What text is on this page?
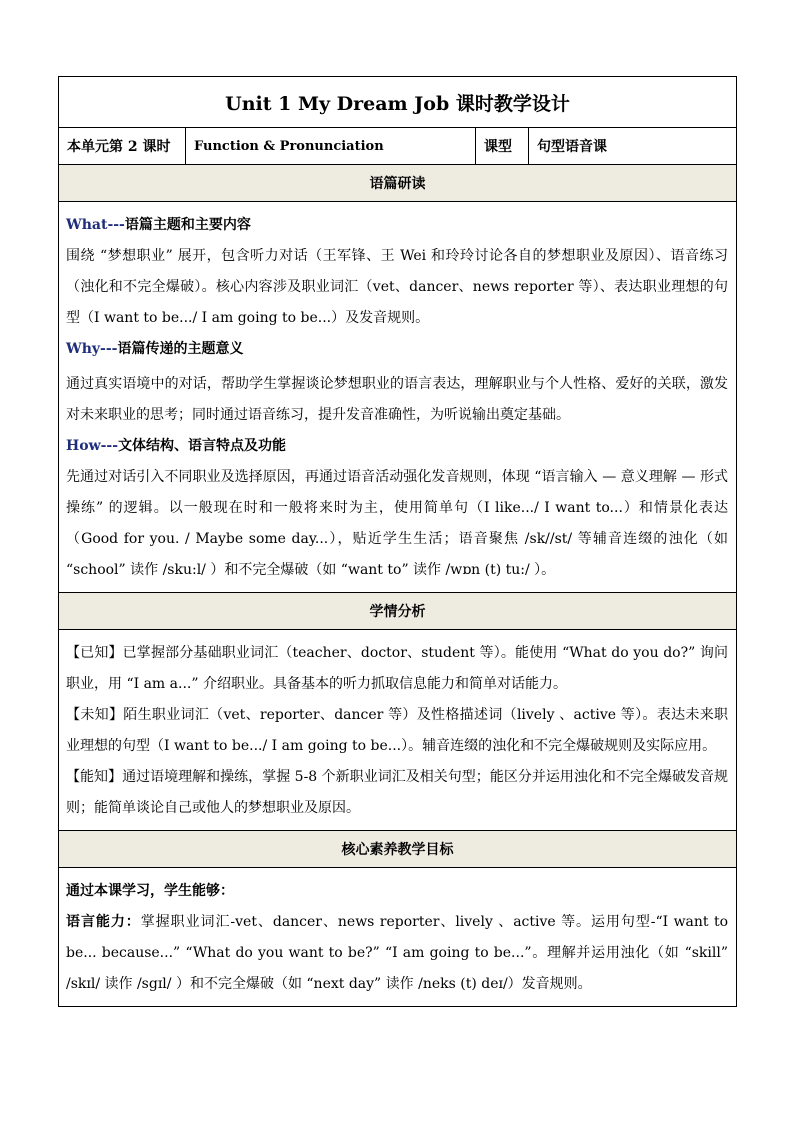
Unit 1 My Dream Job 课时教学设计
本单元第 2 课时	Function & Pronunciation	课型	句型语音课
语篇研读

What---语篇主题和主要内容

围绕 “梦想职业” 展开，包含听力对话（王军锋、王 Wei 和玲玲讨论各自的梦想职业及原因）、语音练习（浊化和不完全爆破）。核心内容涉及职业词汇（vet、dancer、news reporter 等）、表达职业理想的句型（I want to be.../ I am going to be...）及发音规则。

Why---语篇传递的主题意义

通过真实语境中的对话，帮助学生掌握谈论梦想职业的语言表达，理解职业与个人性格、爱好的关联，激发对未来职业的思考；同时通过语音练习，提升发音准确性，为听说输出奠定基础。

How---文体结构、语言特点及功能

先通过对话引入不同职业及选择原因，再通过语音活动强化发音规则，体现 “语言输入 — 意义理解 — 形式操练” 的逻辑。以一般现在时和一般将来时为主，使用简单句（I like.../ I want to...）和情景化表达（Good for you. / Maybe some day...），贴近学生生活；语音聚焦 /sk//st/ 等辅音连缀的浊化（如 “school” 读作 /sku:l/ ）和不完全爆破（如 “want to” 读作 /wɒn (t) tu:/ ）。

学情分析

【已知】已掌握部分基础职业词汇（teacher、doctor、student 等）。能使用 “What do you do?” 询问职业，用 “I am a...” 介绍职业。具备基本的听力抓取信息能力和简单对话能力。

【未知】陌生职业词汇（vet、reporter、dancer 等）及性格描述词（lively 、active 等）。表达未来职业理想的句型（I want to be.../ I am going to be...）。辅音连缀的浊化和不完全爆破规则及实际应用。

【能知】通过语境理解和操练，掌握 5-8 个新职业词汇及相关句型；能区分并运用浊化和不完全爆破发音规则；能简单谈论自己或他人的梦想职业及原因。

核心素养教学目标

通过本课学习，学生能够：

语言能力：掌握职业词汇-vet、dancer、news reporter、lively 、active 等。运用句型-“I want to be... because...” “What do you want to be?” “I am going to be...”。理解并运用浊化（如 “skill” /skɪl/ 读作 /sgɪl/ ）和不完全爆破（如 “next day” 读作 /neks (t) deɪ/）发音规则。
